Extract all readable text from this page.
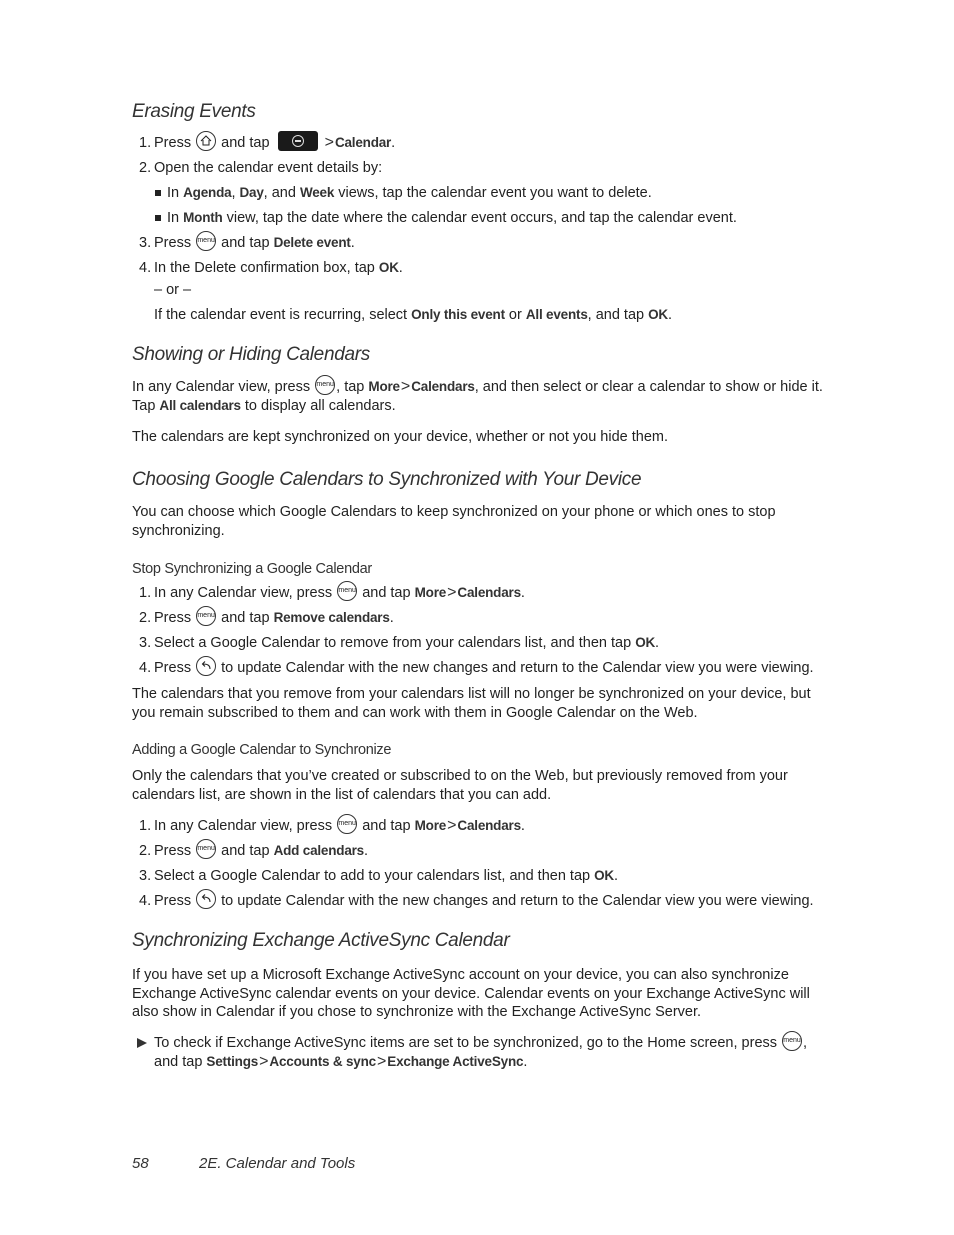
Erasing Events
1. Press and tap	>Calendar.
2. Open the calendar event details by:
In Agenda, Day, and Week views, tap the calendar event you want to delete.
In Month view, tap the date where the calendar event occurs, and tap the calendar event.
3. Press menu and tap Delete event.
4. In the Delete confirmation box, tap OK.
– or –
If the calendar event is recurring, select Only this event or All events, and tap OK.
Showing or Hiding Calendars

In any Calendar view, press menu , tap More>Calendars, and then select or clear a calendar to show or hide it. Tap All calendars to display all calendars.

The calendars are kept synchronized on your device, whether or not you hide them.

Choosing Google Calendars to Synchronized with Your Device

You can choose which Google Calendars to keep synchronized on your phone or which ones to stop synchronizing.

Stop Synchronizing a Google Calendar
1. In any Calendar view, press menu and tap More>Calendars.
2. Press menu and tap Remove calendars.
3. Select a Google Calendar to remove from your calendars list, and then tap OK.
4. Press to update Calendar with the new changes and return to the Calendar view you were viewing.

The calendars that you remove from your calendars list will no longer be synchronized on your device, but you remain subscribed to them and can work with them in Google Calendar on the Web.

Adding a Google Calendar to Synchronize

Only the calendars that you’ve created or subscribed to on the Web, but previously removed from your calendars list, are shown in the list of calendars that you can add.

1. In any Calendar view, press menu and tap More>Calendars.
2. Press menu and tap Add calendars.
3. Select a Google Calendar to add to your calendars list, and then tap OK.
4. Press to update Calendar with the new changes and return to the Calendar view you were viewing.
Synchronizing Exchange ActiveSync Calendar

If you have set up a Microsoft Exchange ActiveSync account on your device, you can also synchronize Exchange ActiveSync calendar events on your device. Calendar events on your Exchange ActiveSync will also show in Calendar if you chose to synchronize with the Exchange ActiveSync Server.

To check if Exchange ActiveSync items are set to be synchronized, go to the Home screen, press menu ,
and tap Settings>Accounts & sync>Exchange ActiveSync.

58	2E. Calendar and Tools
